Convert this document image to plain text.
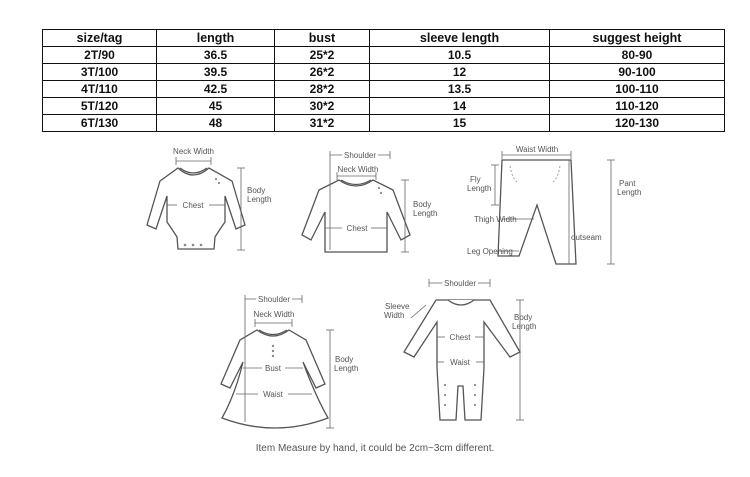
size/tag	length	bust	sleeve length	suggest height
2T/90	36.5	25*2	10.5	80-90
3T/100	39.5	26*2	12	90-100
4T/110	42.5	28*2	13.5	100-110
5T/120	45	30*2	14	110-120
6T/130	48	31*2	15	120-130
Neck Width
Chest
Body
Length
Shoulder
Neck Width
Chest
Body
Length
Waist Width
Fly
Length
Thigh Width
outseam
Leg Opening
Pant
Length
Shoulder
Neck Width
Bust
Waist
Body
Length
Shoulder
Sleeve
Width
Chest
Waist
Body
Length
Item Measure by hand, it could be 2cm~3cm different.
